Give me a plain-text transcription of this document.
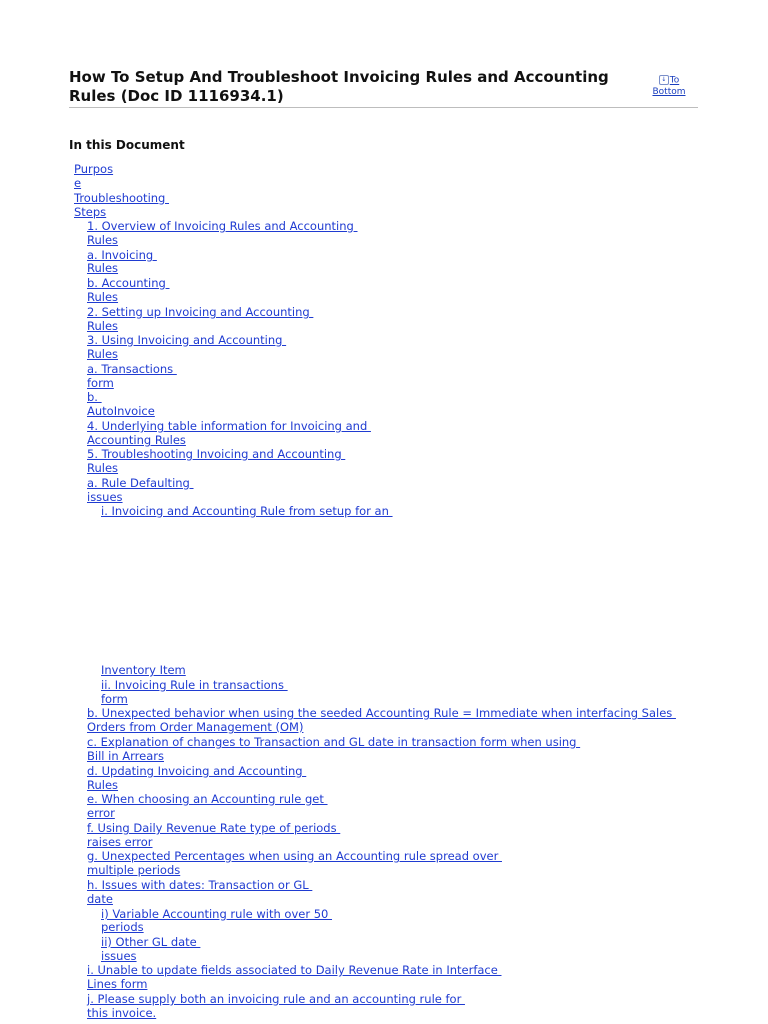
How To Setup And Troubleshoot Invoicing Rules and Accounting Rules (Doc ID 1116934.1)
↓ To
Bottom
In this Document
Purpos
e
Troubleshooting
Steps
1. Overview of Invoicing Rules and Accounting
Rules
a. Invoicing
Rules
b. Accounting
Rules
2. Setting up Invoicing and Accounting
Rules
3. Using Invoicing and Accounting
Rules
a. Transactions
form
b.
AutoInvoice
4. Underlying table information for Invoicing and
Accounting Rules
5. Troubleshooting Invoicing and Accounting
Rules
a. Rule Defaulting
issues
i. Invoicing and Accounting Rule from setup for an
Inventory Item
ii. Invoicing Rule in transactions
form
b. Unexpected behavior when using the seeded Accounting Rule = Immediate when interfacing Sales
Orders from Order Management (OM)
c. Explanation of changes to Transaction and GL date in transaction form when using
Bill in Arrears
d. Updating Invoicing and Accounting
Rules
e. When choosing an Accounting rule get
error
f. Using Daily Revenue Rate type of periods
raises error
g. Unexpected Percentages when using an Accounting rule spread over
multiple periods
h. Issues with dates: Transaction or GL
date
i) Variable Accounting rule with over 50
periods
ii) Other GL date
issues
i. Unable to update fields associated to Daily Revenue Rate in Interface
Lines form
j. Please supply both an invoicing rule and an accounting rule for
this invoice.
